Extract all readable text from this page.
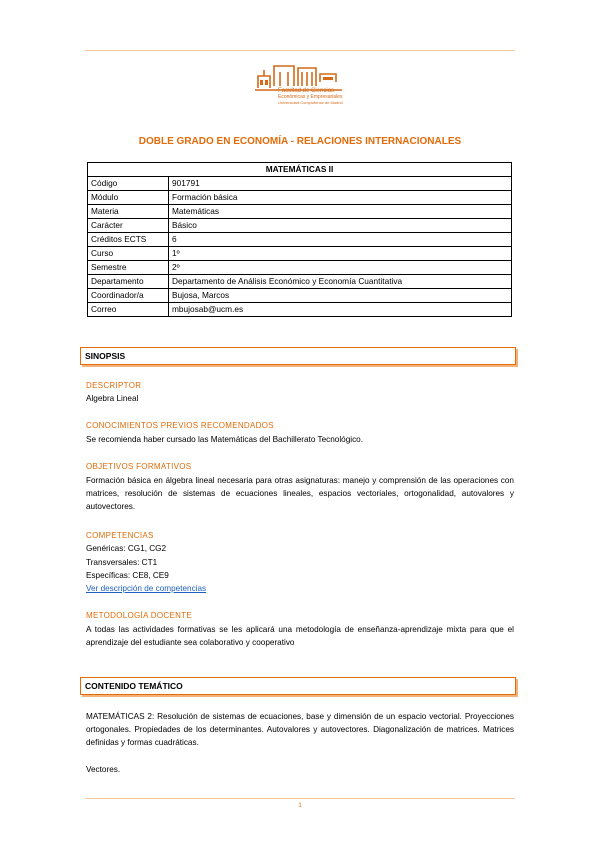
Facultad de Ciencias
Económicas y Empresariales
Universidad Complutense de Madrid
DOBLE GRADO EN ECONOMÍA - RELACIONES INTERNACIONALES
MATEMÁTICAS II	
Código	901791
Módulo	Formación básica
Materia	Matemáticas
Carácter	Básico
Créditos ECTS	6
Curso	1º
Semestre	2º
Departamento	Departamento de Análisis Económico y Economía Cuantitativa
Coordinador/a	Bujosa, Marcos
Correo	mbujosab@ucm.es
SINOPSIS
DESCRIPTOR
Algebra Lineal
CONOCIMIENTOS PREVIOS RECOMENDADOS
Se recomienda haber cursado las Matemáticas del Bachillerato Tecnológico.
OBJETIVOS FORMATIVOS
Formación básica en álgebra lineal necesaria para otras asignaturas: manejo y comprensión de las operaciones con matrices, resolución de sistemas de ecuaciones lineales, espacios vectoriales, ortogonalidad, autovalores y autovectores.
COMPETENCIAS
Genéricas: CG1, CG2
Transversales: CT1
Específicas: CE8, CE9
Ver descripción de competencias
METODOLOGÍA DOCENTE
A todas las actividades formativas se les aplicará una metodología de enseñanza-aprendizaje mixta para que el aprendizaje del estudiante sea colaborativo y cooperativo
CONTENIDO TEMÁTICO
MATEMÁTICAS 2: Resolución de sistemas de ecuaciones, base y dimensión de un espacio vectorial. Proyecciones ortogonales. Propiedades de los determinantes. Autovalores y autovectores. Diagonalización de matrices. Matrices definidas y formas cuadráticas.
Vectores.
1
